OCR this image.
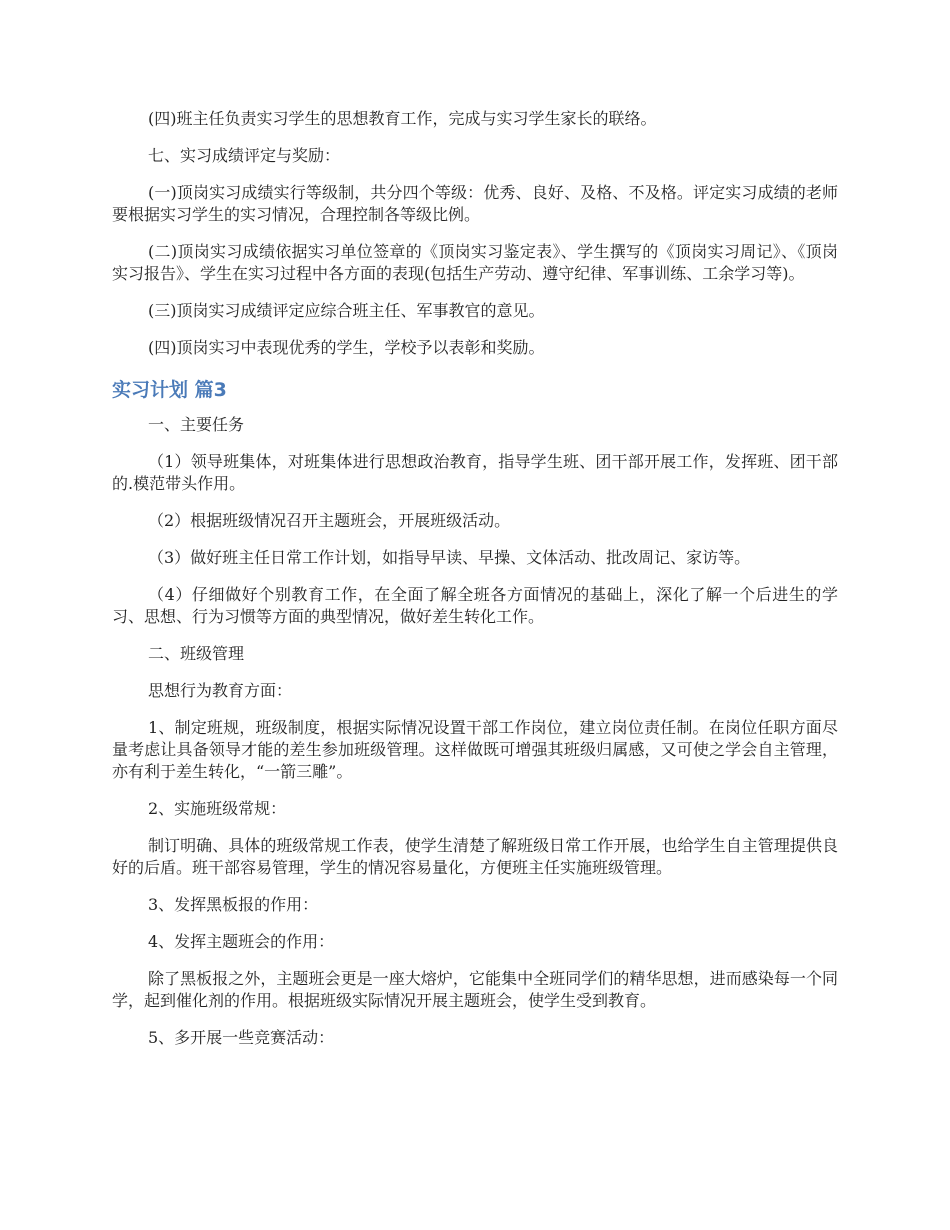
(四)班主任负责实习学生的思想教育工作，完成与实习学生家长的联络。

七、实习成绩评定与奖励：

(一)顶岗实习成绩实行等级制，共分四个等级：优秀、良好、及格、不及格。评定实习成绩的老师要根据实习学生的实习情况，合理控制各等级比例。

(二)顶岗实习成绩依据实习单位签章的《顶岗实习鉴定表》、学生撰写的《顶岗实习周记》、《顶岗实习报告》、学生在实习过程中各方面的表现(包括生产劳动、遵守纪律、军事训练、工余学习等)。

(三)顶岗实习成绩评定应综合班主任、军事教官的意见。

(四)顶岗实习中表现优秀的学生，学校予以表彰和奖励。

实习计划 篇3

一、主要任务

（1）领导班集体，对班集体进行思想政治教育，指导学生班、团干部开展工作，发挥班、团干部的.模范带头作用。

（2）根据班级情况召开主题班会，开展班级活动。

（3）做好班主任日常工作计划，如指导早读、早操、文体活动、批改周记、家访等。

（4）仔细做好个别教育工作，在全面了解全班各方面情况的基础上，深化了解一个后进生的学习、思想、行为习惯等方面的典型情况，做好差生转化工作。

二、班级管理

思想行为教育方面：

1、制定班规，班级制度，根据实际情况设置干部工作岗位，建立岗位责任制。在岗位任职方面尽量考虑让具备领导才能的差生参加班级管理。这样做既可增强其班级归属感，又可使之学会自主管理，亦有利于差生转化，“一箭三雕”。

2、实施班级常规：

制订明确、具体的班级常规工作表，使学生清楚了解班级日常工作开展，也给学生自主管理提供良好的后盾。班干部容易管理，学生的情况容易量化，方便班主任实施班级管理。

3、发挥黑板报的作用：

4、发挥主题班会的作用：

除了黑板报之外，主题班会更是一座大熔炉，它能集中全班同学们的精华思想，进而感染每一个同学，起到催化剂的作用。根据班级实际情况开展主题班会，使学生受到教育。

5、多开展一些竞赛活动：
